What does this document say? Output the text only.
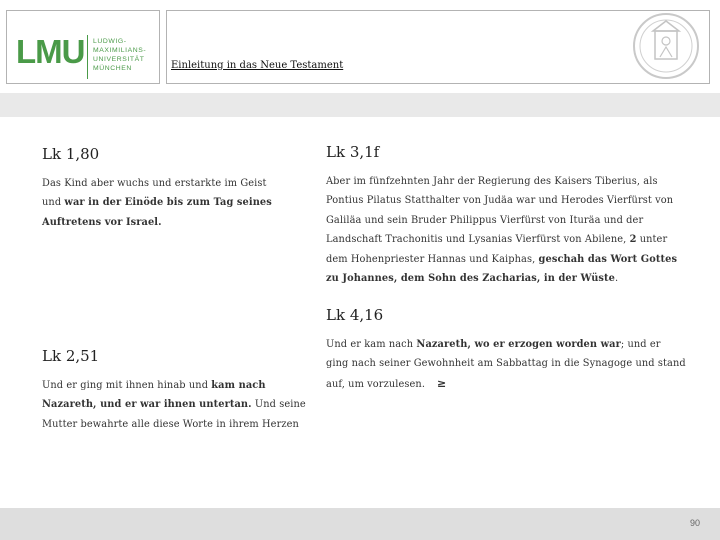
LMU LUDWIG-
MAXIMILIANS-
UNIVERSITÄT
MÜNCHEN	Einleitung in das Neue Testament
Lk 1,80

Das Kind aber wuchs und erstarkte im Geist und war in der Einöde bis zum Tag seines Auftretens vor Israel.

Lk 2,51

Und er ging mit ihnen hinab und kam nach Nazareth, und er war ihnen untertan. Und seine Mutter bewahrte alle diese Worte in ihrem Herzen

Lk 3,1f

Aber im fünfzehnten Jahr der Regierung des Kaisers Tiberius, als Pontius Pilatus Statthalter von Judäa war und Herodes Vierfürst von Galiläa und sein Bruder Philippus Vierfürst von Ituräa und der Landschaft Trachonitis und Lysanias Vierfürst von Abilene, 2 unter dem Hohenpriester Hannas und Kaiphas, geschah das Wort Gottes zu Johannes, dem Sohn des Zacharias, in der Wüste.

Lk 4,16

Und er kam nach Nazareth, wo er erzogen worden war; und er ging nach seiner Gewohnheit am Sabbattag in die Synagoge und stand auf, um vorzulesen. ≥

90
